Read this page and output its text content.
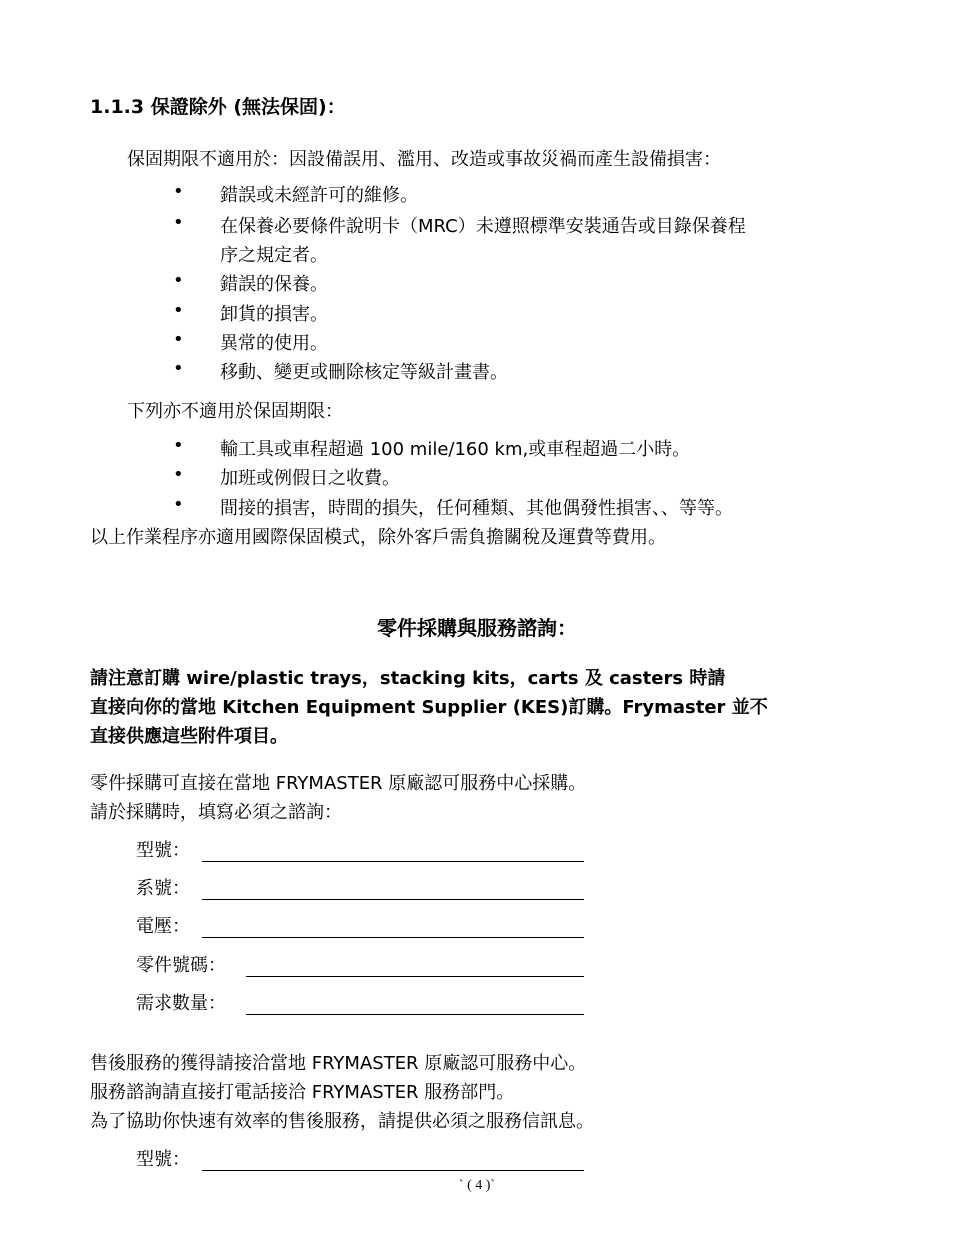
1.1.3 保證除外 (無法保固)：
保固期限不適用於：因設備誤用、濫用、改造或事故災禍而產生設備損害：
• 錯誤或未經許可的維修。
• 在保養必要條件說明卡（MRC）未遵照標準安裝通告或目錄保養程
序之規定者。
• 錯誤的保養。
• 卸貨的損害。
• 異常的使用。
• 移動、變更或刪除核定等級計畫書。
下列亦不適用於保固期限：
• 輸工具或車程超過 100 mile/160 km,或車程超過二小時。
• 加班或例假日之收費。
• 間接的損害，時間的損失，任何種類、其他偶發性損害、、等等。
以上作業程序亦適用國際保固模式，除外客戶需負擔關稅及運費等費用。
零件採購與服務諮詢：
請注意訂購 wire/plastic trays，stacking kits，carts 及 casters 時請
直接向你的當地 Kitchen Equipment Supplier (KES)訂購。Frymaster 並不
直接供應這些附件項目。
零件採購可直接在當地 FRYMASTER 原廠認可服務中心採購。
請於採購時，填寫必須之諮詢：
型號：
系號：
電壓：
零件號碼：
需求數量：
售後服務的獲得請接洽當地 FRYMASTER 原廠認可服務中心。
服務諮詢請直接打電話接洽 FRYMASTER 服務部門。
為了協助你快速有效率的售後服務，請提供必須之服務信訊息。
型號：
` ( 4 )`
